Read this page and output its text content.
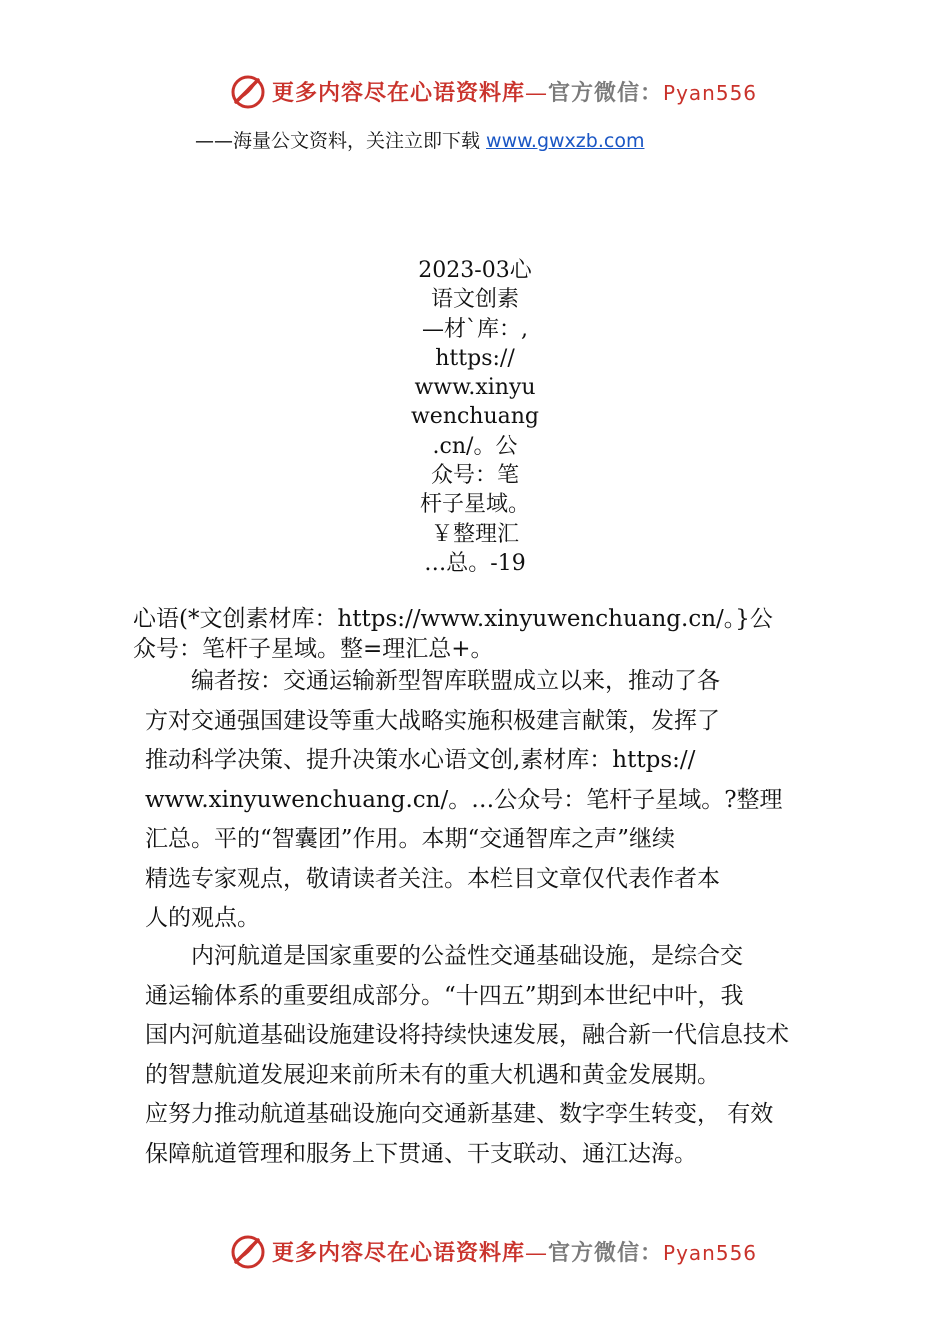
更多内容尽在心语资料库—官方微信：Pyan556
——海量公文资料，关注立即下载 www.gwxzb.com
2023-03心
语文创素
—材`库：,
https://
www.xinyu
wenchuang
.cn/。公
众号：笔
杆子星域。
￥整理汇
…总。-19
心语(*文创素材库：https://www.xinyuwenchuang.cn/。}公
众号：笔杆子星域。整=理汇总+。
　　编者按：交通运输新型智库联盟成立以来，推动了各
方对交通强国建设等重大战略实施积极建言献策，发挥了
推动科学决策、提升决策水心语文创,素材库：https://
www.xinyuwenchuang.cn/。…公众号：笔杆子星域。?整理
汇总。平的“智囊团”作用。本期“交通智库之声”继续
精选专家观点，敬请读者关注。本栏目文章仅代表作者本
人的观点。
　　内河航道是国家重要的公益性交通基础设施，是综合交
通运输体系的重要组成部分。“十四五”期到本世纪中叶，我
国内河航道基础设施建设将持续快速发展，融合新一代信息技术
的智慧航道发展迎来前所未有的重大机遇和黄金发展期。
应努力推动航道基础设施向交通新基建、数字孪生转变， 有效
保障航道管理和服务上下贯通、干支联动、通江达海。
更多内容尽在心语资料库—官方微信：Pyan556
